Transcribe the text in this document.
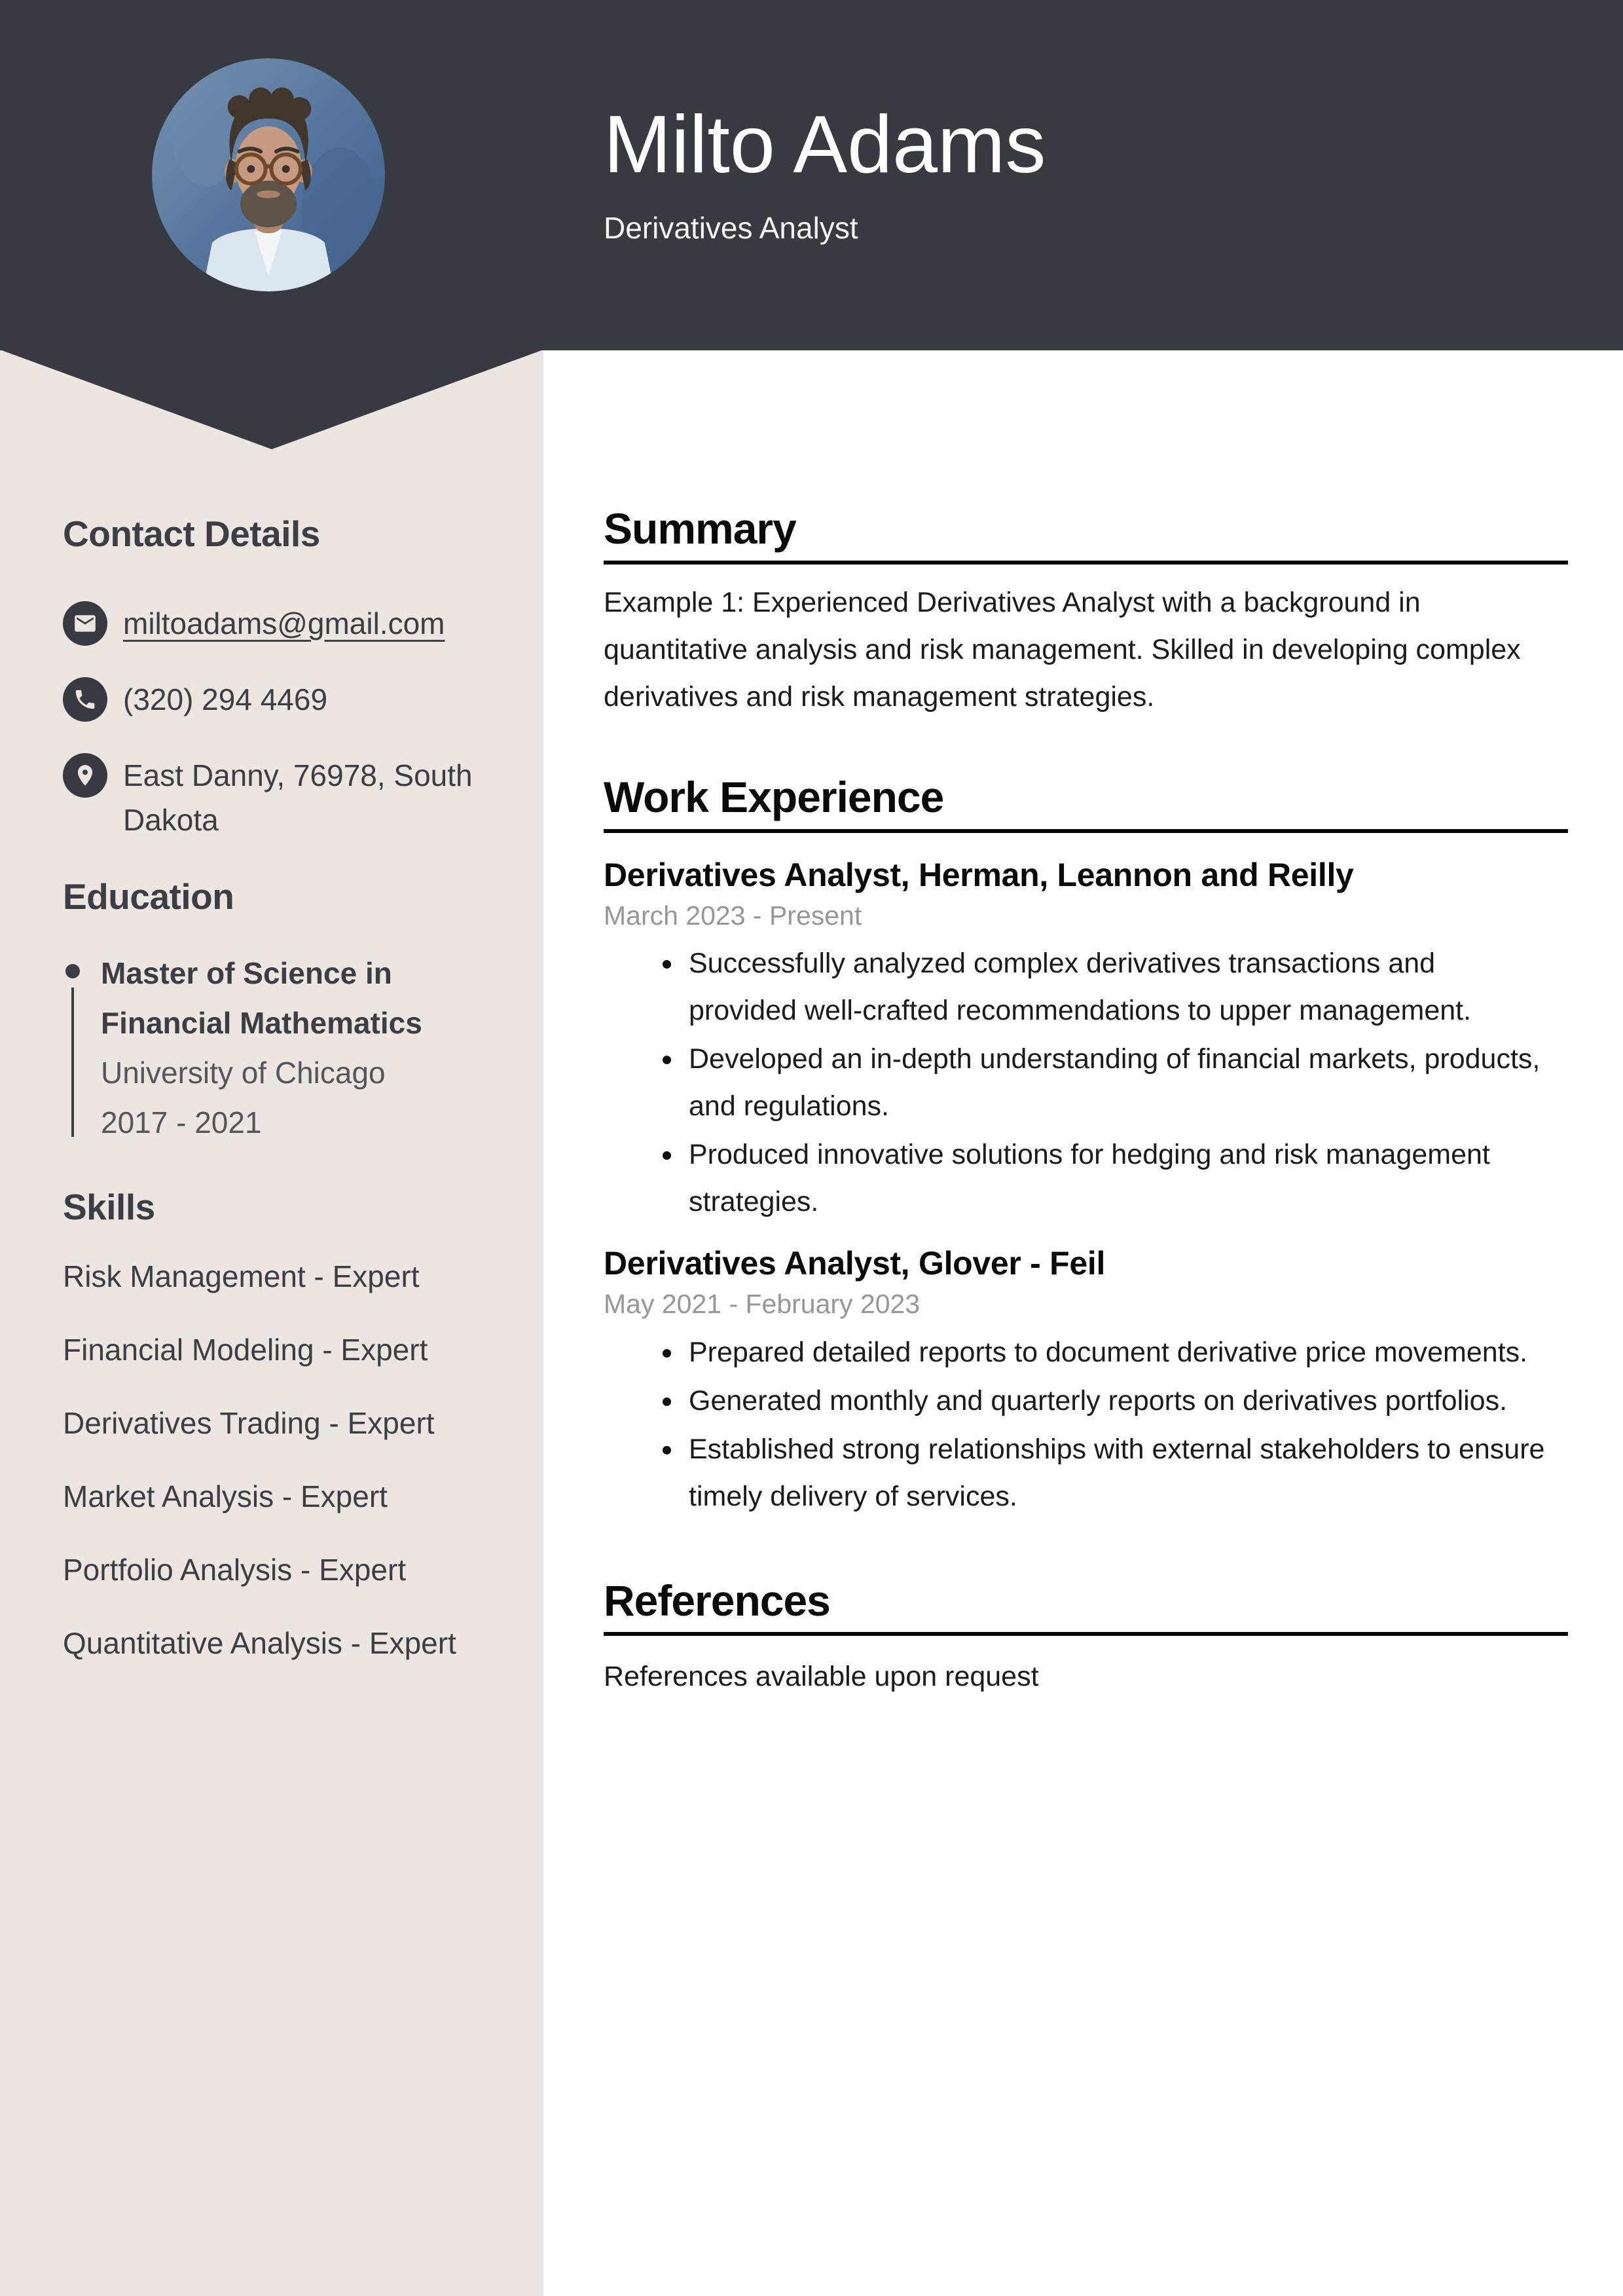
Contact Details
miltoadams@gmail.com
(320) 294 4469
East Danny, 76978, South Dakota
Education

Master of Science in Financial Mathematics

University of Chicago

2017 - 2021

Skills
Risk Management - Expert
Financial Modeling - Expert
Derivatives Trading - Expert
Market Analysis - Expert
Portfolio Analysis - Expert
Quantitative Analysis - Expert
Milto Adams

Derivatives Analyst

Summary

Example 1: Experienced Derivatives Analyst with a background in quantitative analysis and risk management. Skilled in developing complex derivatives and risk management strategies.

Work Experience
Derivatives Analyst, Herman, Leannon and Reilly

March 2023 - Present

• Successfully analyzed complex derivatives transactions and provided well-crafted recommendations to upper management.
• Developed an in-depth understanding of financial markets, products, and regulations.
• Produced innovative solutions for hedging and risk management strategies.
Derivatives Analyst, Glover - Feil

May 2021 - February 2023

• Prepared detailed reports to document derivative price movements.
• Generated monthly and quarterly reports on derivatives portfolios.
• Established strong relationships with external stakeholders to ensure timely delivery of services.
References

References available upon request
